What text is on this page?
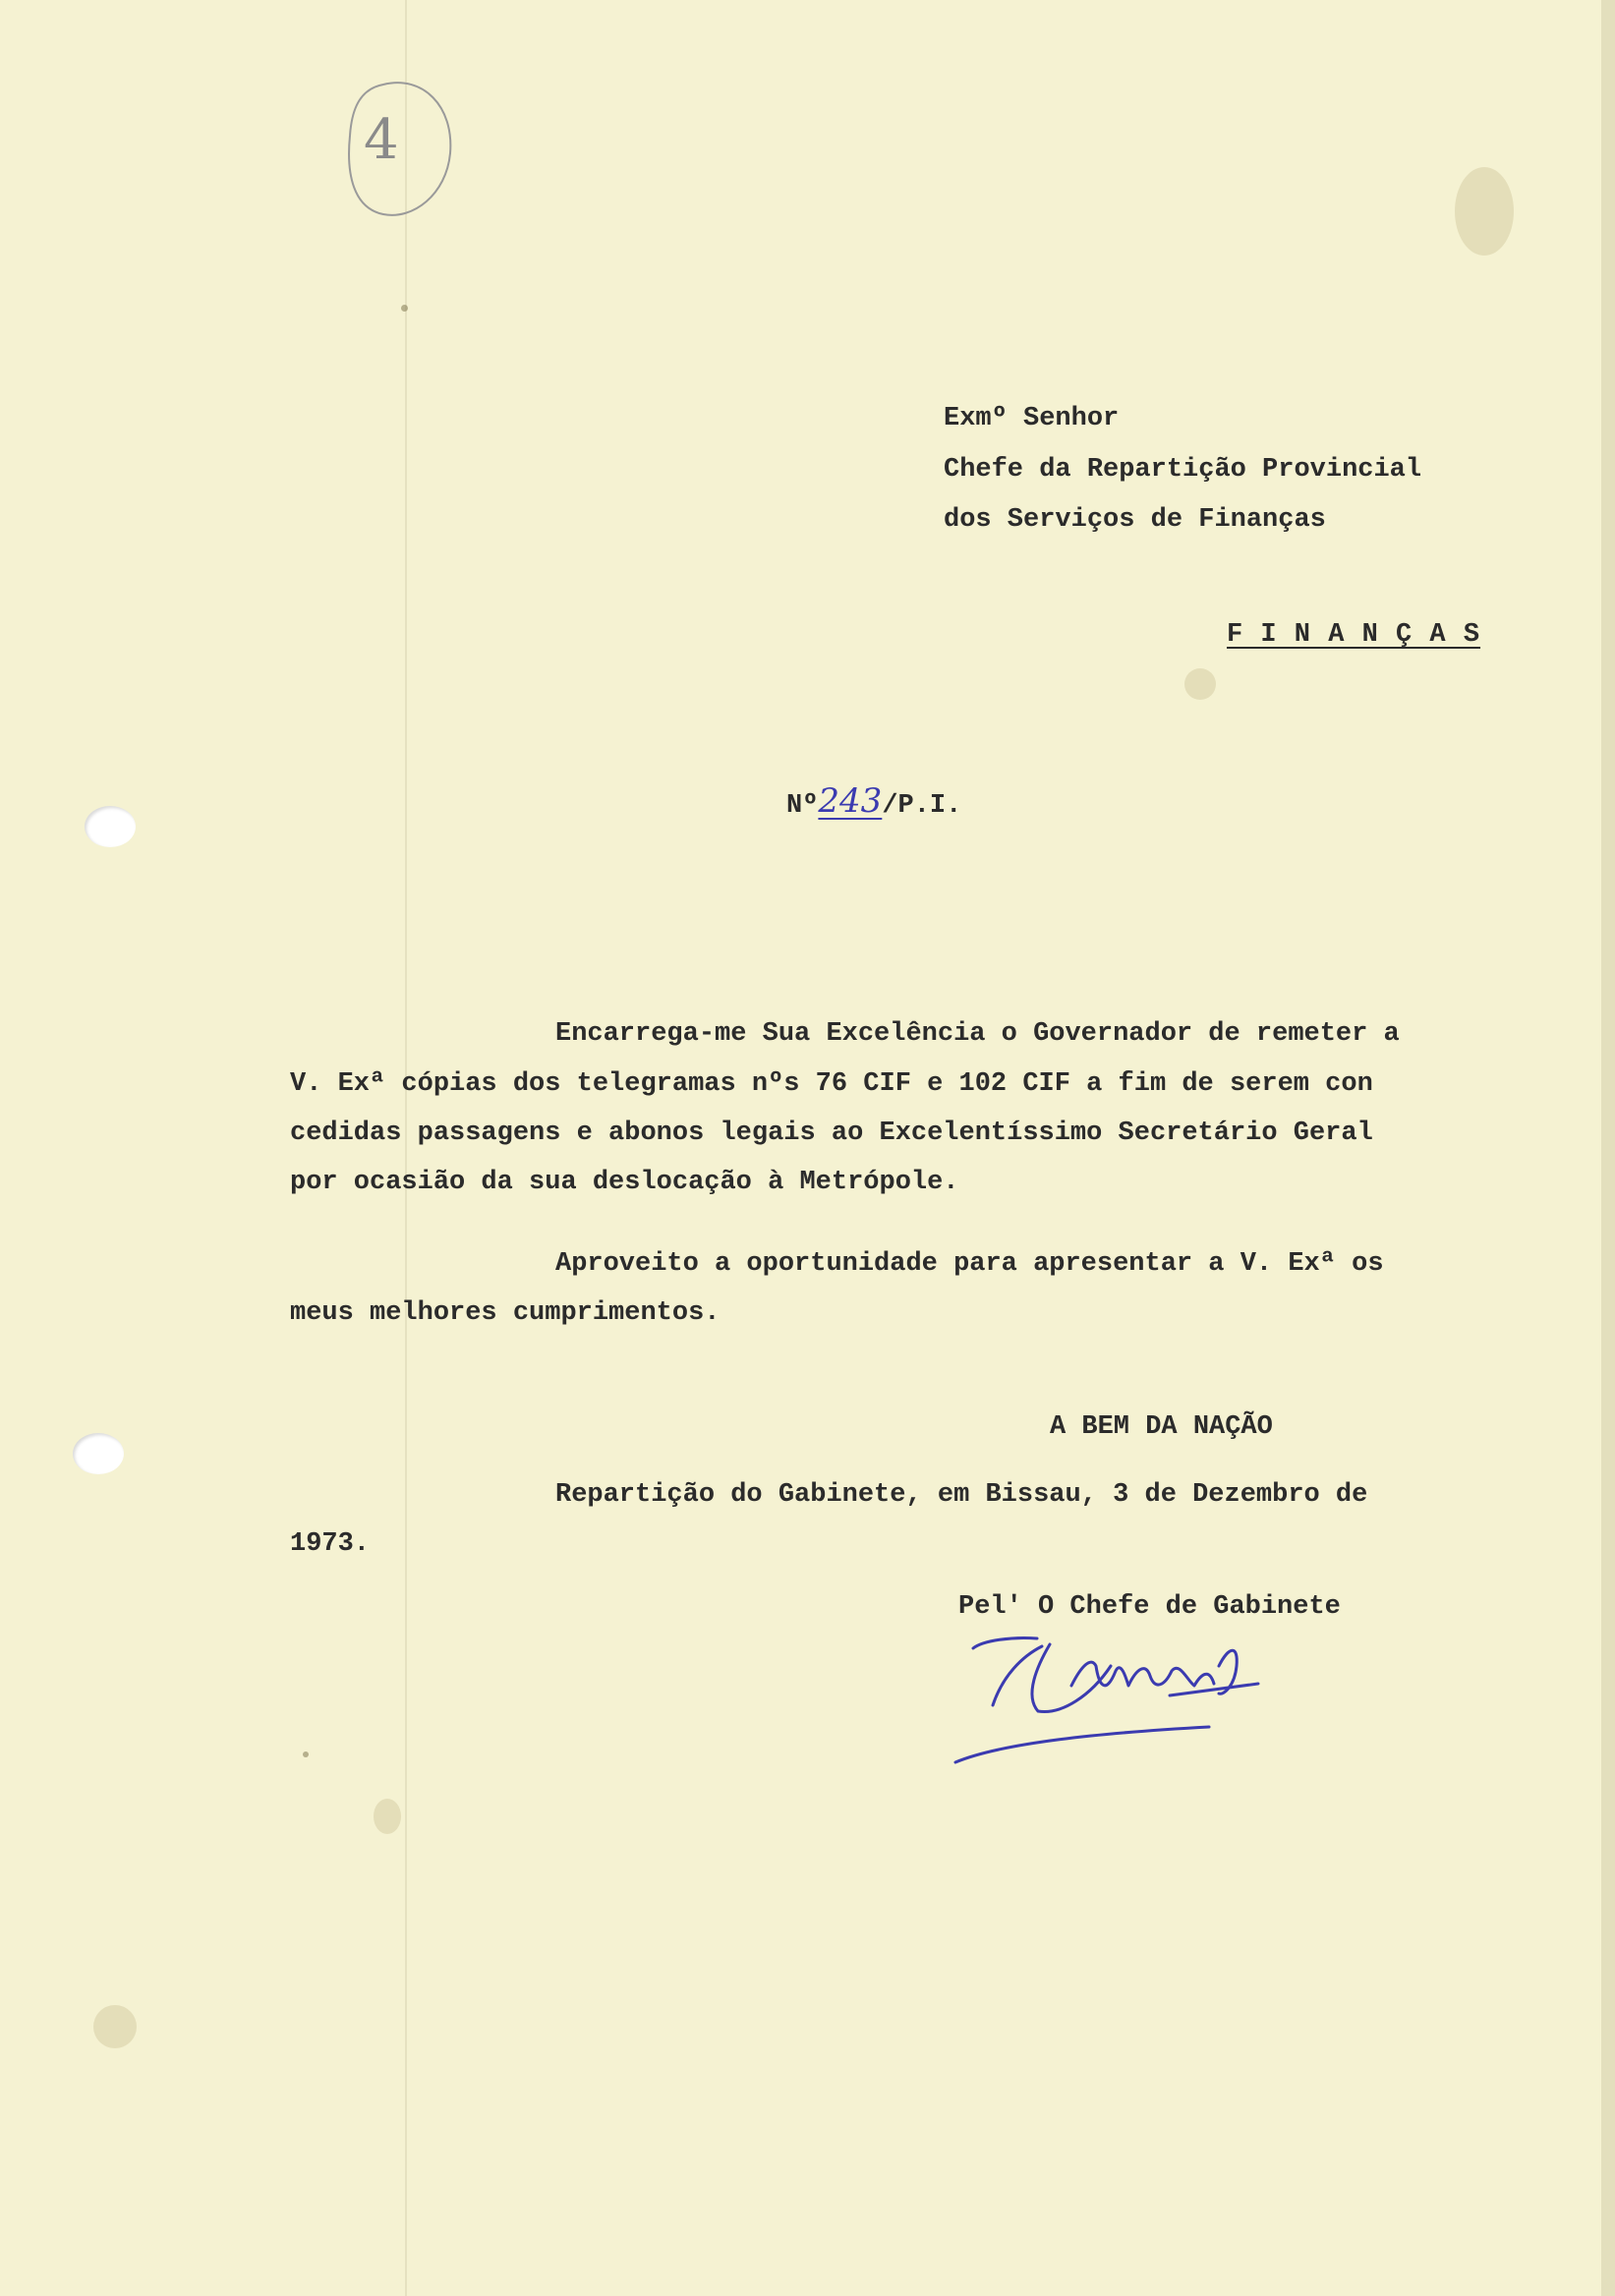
4
Exmº Senhor
Chefe da Repartição Provincial
dos Serviços de Finanças
F I N A N Ç A S
Nº243/P.I.
Encarrega-me Sua Excelência o Governador de remeter a
V. Exª cópias dos telegramas nºs 76 CIF e 102 CIF a fim de serem con
cedidas passagens e abonos legais ao Excelentíssimo Secretário Geral
por ocasião da sua deslocação à Metrópole.
Aproveito a oportunidade para apresentar a V. Exª os
meus melhores cumprimentos.
A BEM DA NAÇÃO
Repartição do Gabinete, em Bissau, 3 de Dezembro de
1973.
Pel' O Chefe de Gabinete
